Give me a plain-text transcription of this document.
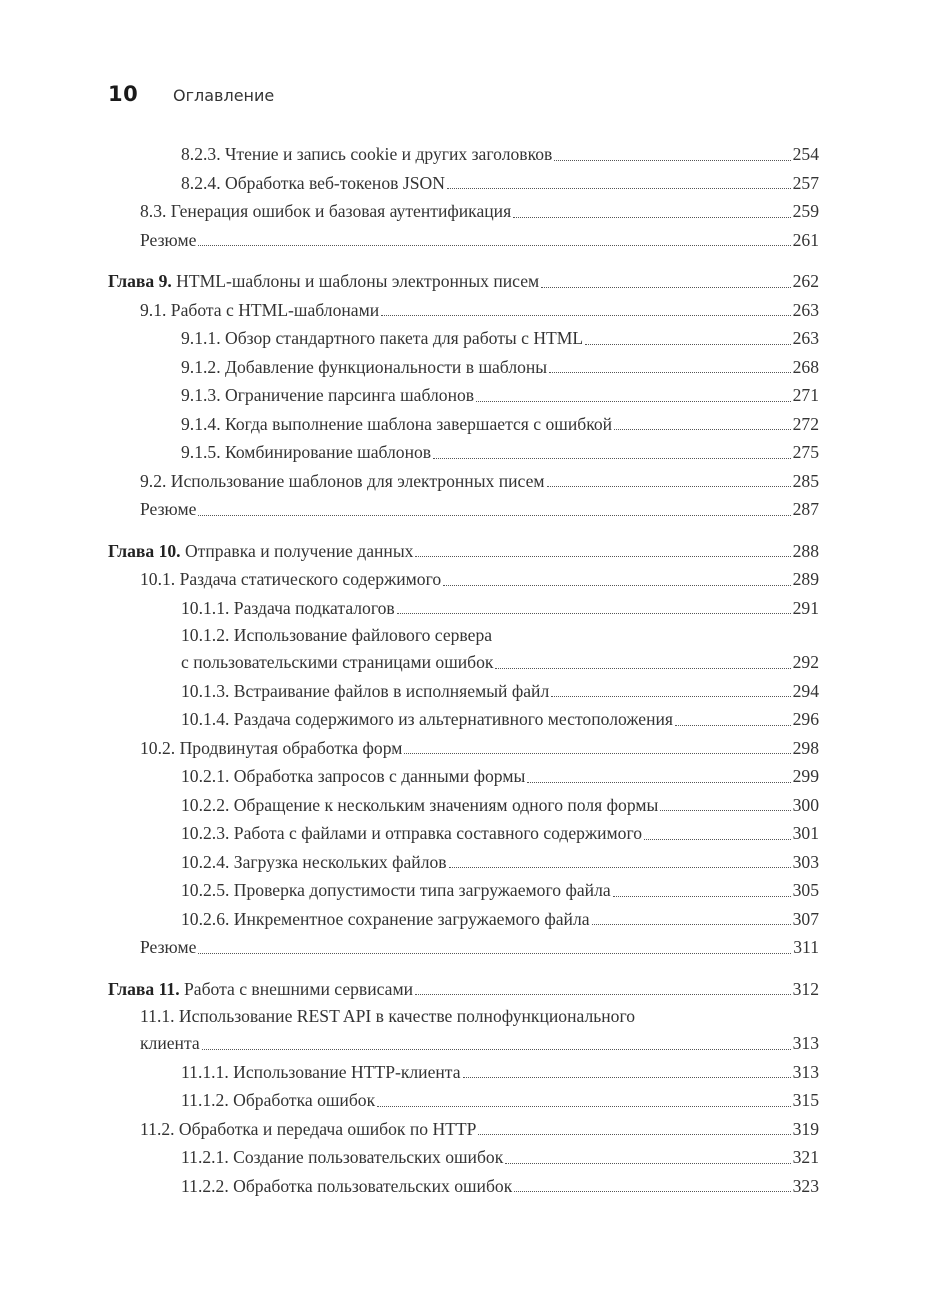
10	Оглавление
8.2.3. Чтение и запись cookie и других заголовков	254
8.2.4. Обработка веб-токенов JSON	257
8.3. Генерация ошибок и базовая аутентификация	259
Резюме	261
Глава 9. HTML-шаблоны и шаблоны электронных писем	262
9.1. Работа с HTML-шаблонами	263
9.1.1. Обзор стандартного пакета для работы с HTML	263
9.1.2. Добавление функциональности в шаблоны	268
9.1.3. Ограничение парсинга шаблонов	271
9.1.4. Когда выполнение шаблона завершается с ошибкой	272
9.1.5. Комбинирование шаблонов	275
9.2. Использование шаблонов для электронных писем	285
Резюме	287
Глава 10. Отправка и получение данных	288
10.1. Раздача статического содержимого	289
10.1.1. Раздача подкаталогов	291
10.1.2. Использование файлового сервера
с пользовательскими страницами ошибок	292
10.1.3. Встраивание файлов в исполняемый файл	294
10.1.4. Раздача содержимого из альтернативного местоположения	296
10.2. Продвинутая обработка форм	298
10.2.1. Обработка запросов с данными формы	299
10.2.2. Обращение к нескольким значениям одного поля формы	300
10.2.3. Работа с файлами и отправка составного содержимого	301
10.2.4. Загрузка нескольких файлов	303
10.2.5. Проверка допустимости типа загружаемого файла	305
10.2.6. Инкрементное сохранение загружаемого файла	307
Резюме	311
Глава 11. Работа с внешними сервисами	312
11.1. Использование REST API в качестве полнофункционального
клиента	313
11.1.1. Использование HTTP-клиента	313
11.1.2. Обработка ошибок	315
11.2. Обработка и передача ошибок по HTTP	319
11.2.1. Создание пользовательских ошибок	321
11.2.2. Обработка пользовательских ошибок	323
